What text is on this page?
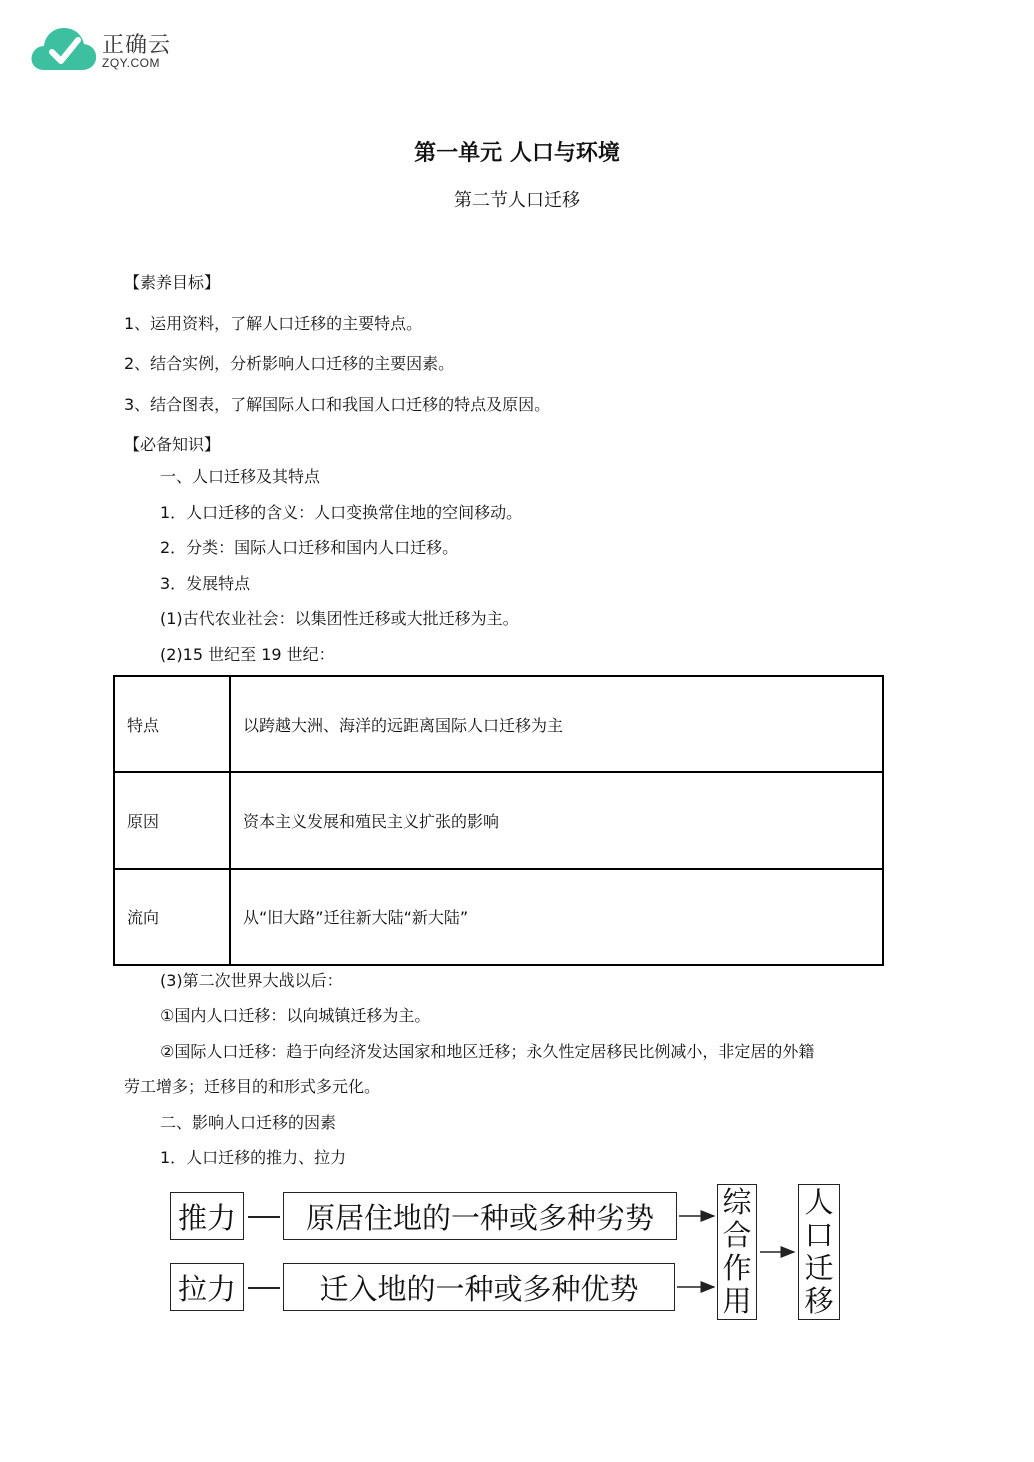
正确云
ZQY.COM
第一单元 人口与环境
第二节人口迁移
【素养目标】
1、运用资料，了解人口迁移的主要特点。
2、结合实例，分析影响人口迁移的主要因素。
3、结合图表，了解国际人口和我国人口迁移的特点及原因。
【必备知识】
一、人口迁移及其特点
1．人口迁移的含义：人口变换常住地的空间移动。
2．分类：国际人口迁移和国内人口迁移。
3．发展特点
(1)古代农业社会：以集团性迁移或大批迁移为主。
(2)15 世纪至 19 世纪：
特点	以跨越大洲、海洋的远距离国际人口迁移为主
原因	资本主义发展和殖民主义扩张的影响
流向	从“旧大路”迁往新大陆“新大陆”
(3)第二次世界大战以后：
①国内人口迁移：以向城镇迁移为主。
②国际人口迁移：趋于向经济发达国家和地区迁移；永久性定居移民比例减小，非定居的外籍
劳工增多；迁移目的和形式多元化。
二、影响人口迁移的因素
1．人口迁移的推力、拉力
推力	原居住地的一种或多种劣势
拉力	迁入地的一种或多种优势
综
合
作
用
人
口
迁
移
